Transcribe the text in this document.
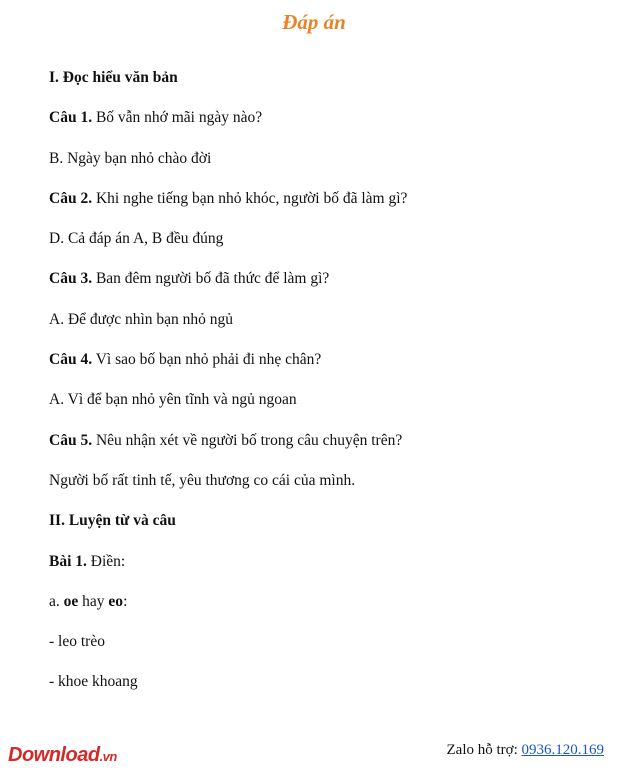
Đáp án
I. Đọc hiểu văn bản
Câu 1. Bố vẫn nhớ mãi ngày nào?
B. Ngày bạn nhỏ chào đời
Câu 2. Khi nghe tiếng bạn nhỏ khóc, người bố đã làm gì?
D. Cả đáp án A, B đều đúng
Câu 3. Ban đêm người bố đã thức để làm gì?
A. Để được nhìn bạn nhỏ ngủ
Câu 4. Vì sao bố bạn nhỏ phải đi nhẹ chân?
A. Vì để bạn nhỏ yên tĩnh và ngủ ngoan
Câu 5. Nêu nhận xét về người bố trong câu chuyện trên?
Người bố rất tinh tế, yêu thương co cái của mình.
II. Luyện từ và câu
Bài 1. Điền:
a. oe hay eo:
- leo trèo
- khoe khoang
Download.vn	Zalo hỗ trợ: 0936.120.169
